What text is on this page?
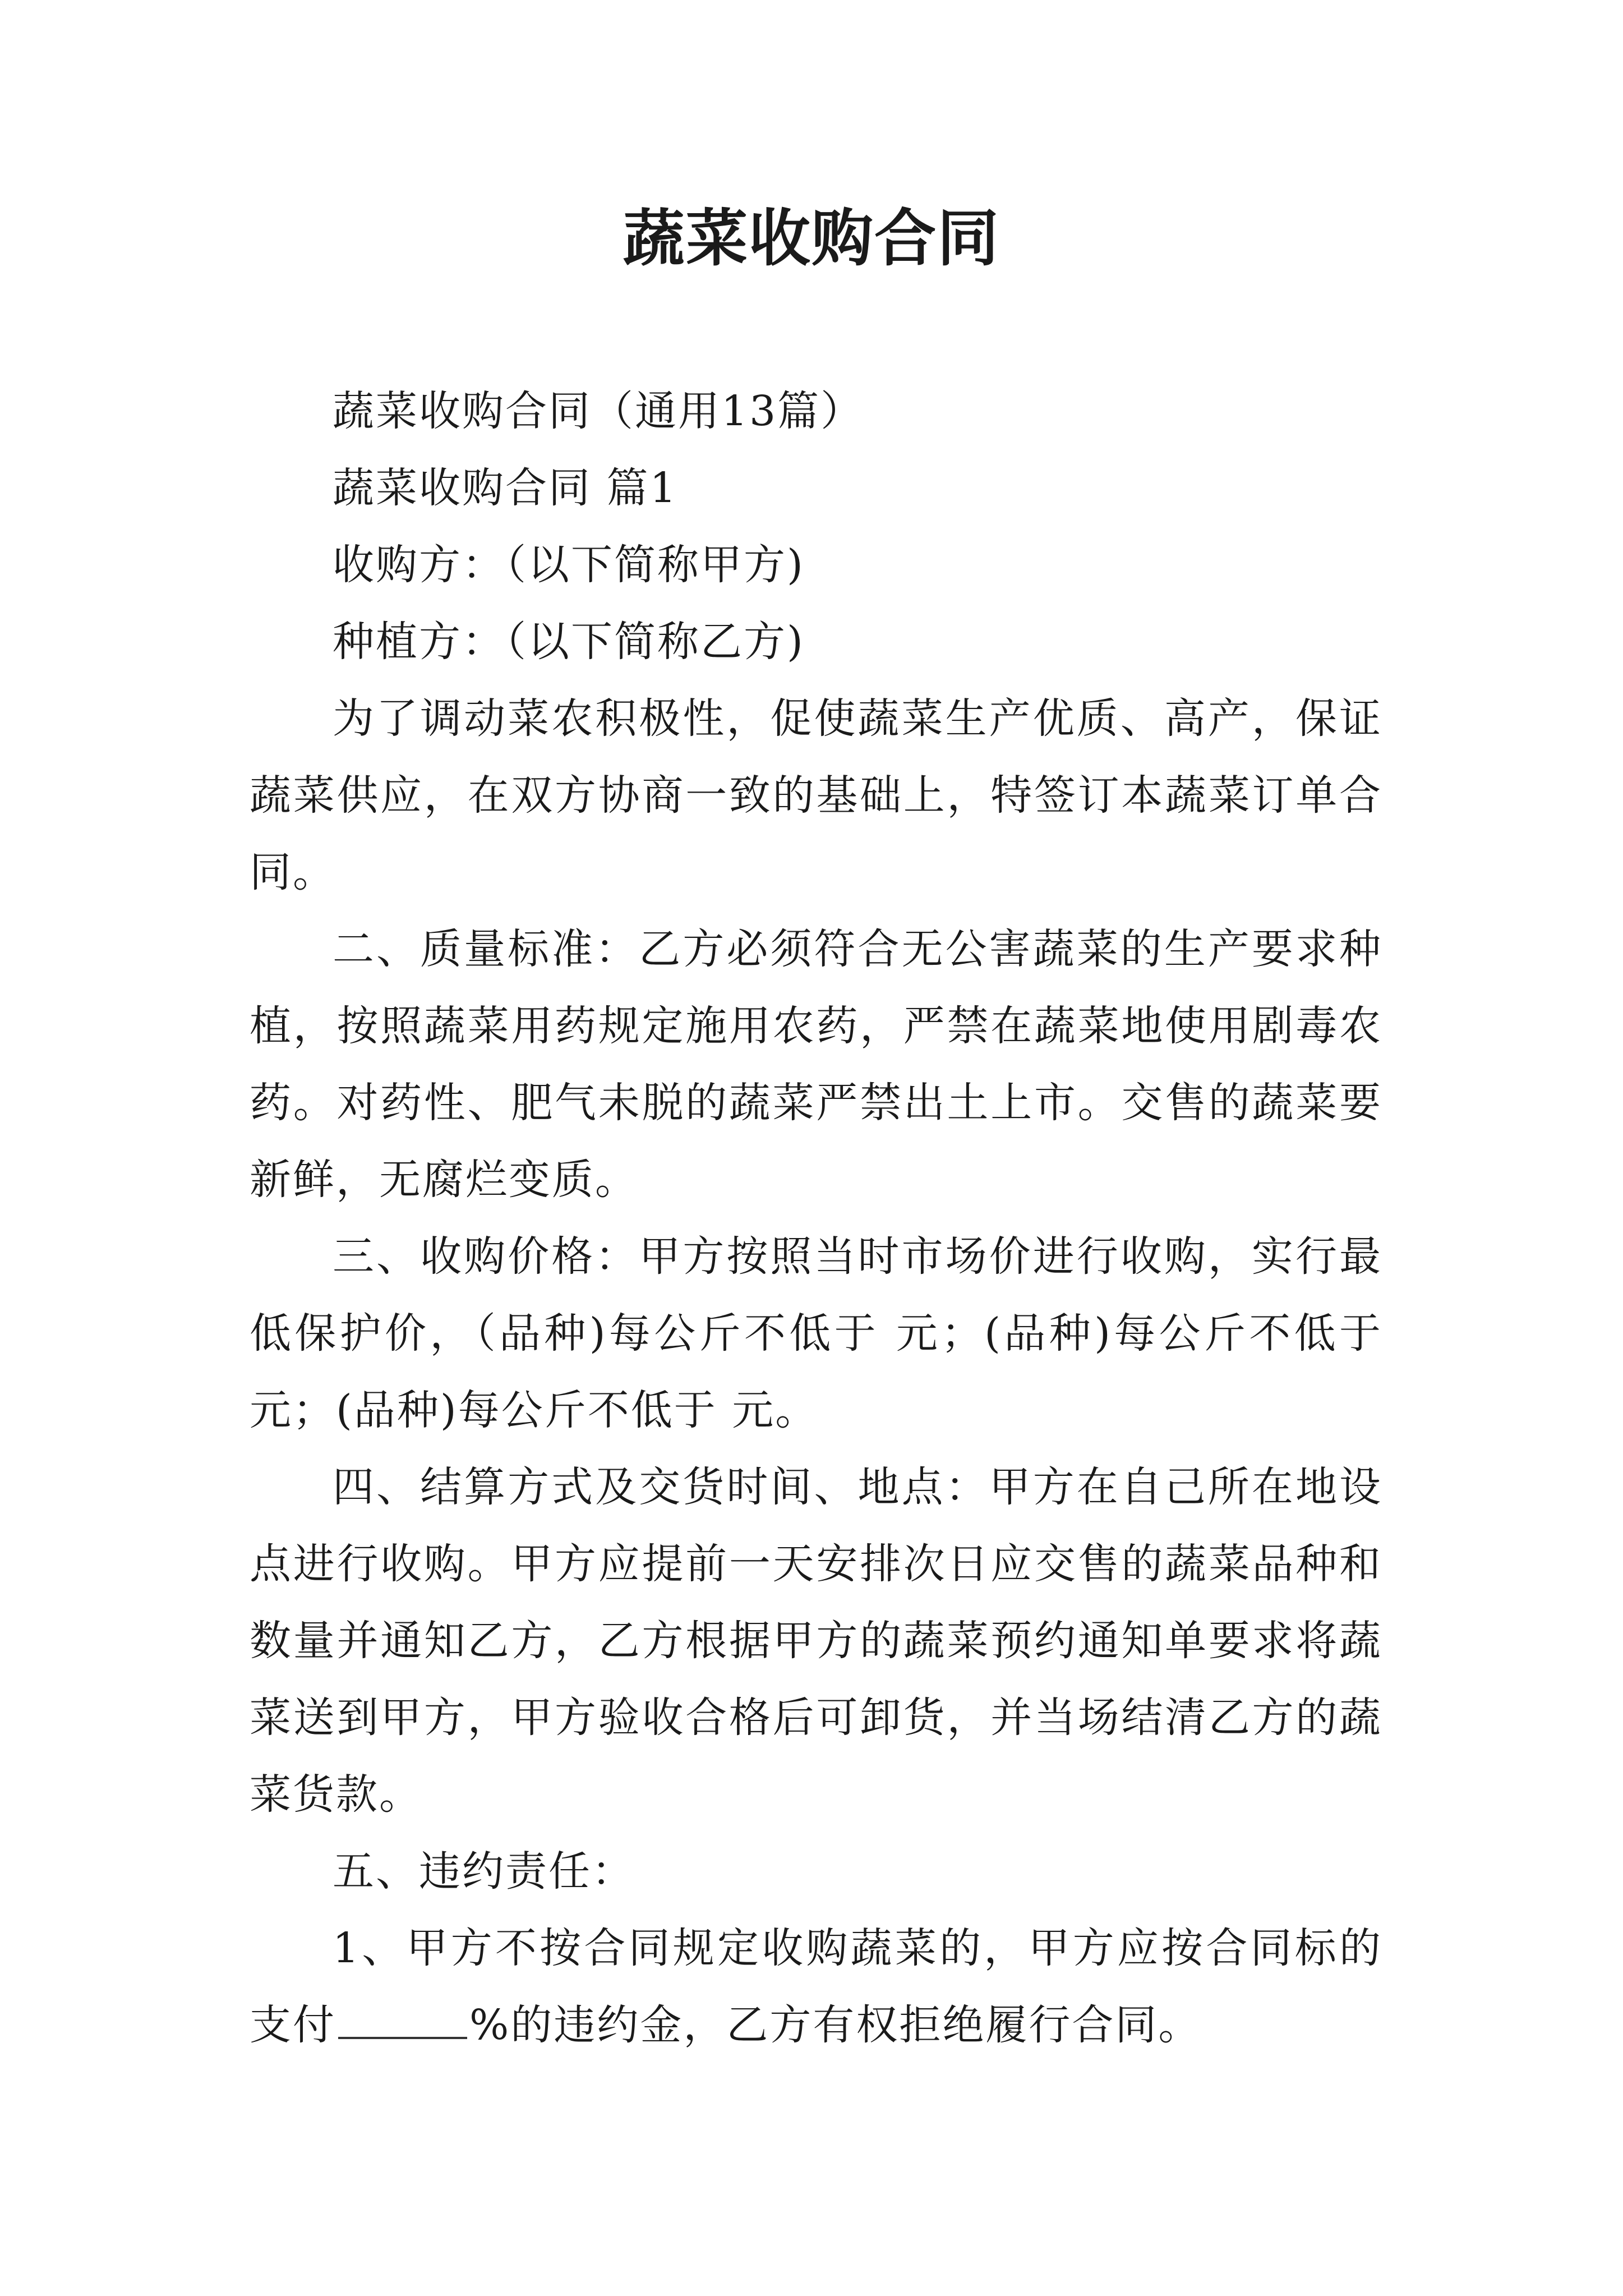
蔬菜收购合同

蔬菜收购合同（通用13篇）

蔬菜收购合同 篇1

收购方：（以下简称甲方)

种植方：（以下简称乙方)

为了调动菜农积极性，促使蔬菜生产优质、高产，保证蔬菜供应，在双方协商一致的基础上，特签订本蔬菜订单合同。

二、质量标准：乙方必须符合无公害蔬菜的生产要求种植，按照蔬菜用药规定施用农药，严禁在蔬菜地使用剧毒农药。对药性、肥气未脱的蔬菜严禁出土上市。交售的蔬菜要新鲜，无腐烂变质。

三、收购价格：甲方按照当时市场价进行收购，实行最低保护价，（品种)每公斤不低于 元；(品种)每公斤不低于 元；(品种)每公斤不低于 元。

四、结算方式及交货时间、地点：甲方在自己所在地设点进行收购。甲方应提前一天安排次日应交售的蔬菜品种和数量并通知乙方，乙方根据甲方的蔬菜预约通知单要求将蔬菜送到甲方，甲方验收合格后可卸货，并当场结清乙方的蔬菜货款。

五、违约责任：

1、甲方不按合同规定收购蔬菜的，甲方应按合同标的支付	%的违约金，乙方有权拒绝履行合同。
